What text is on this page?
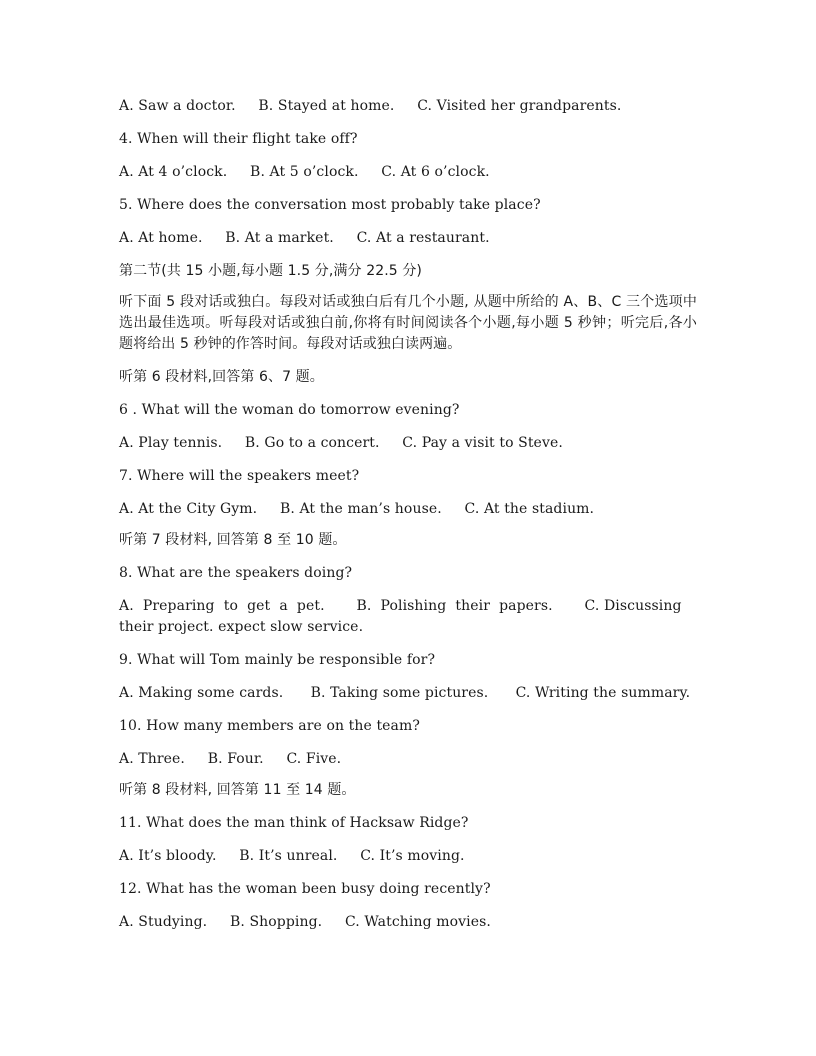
A. Saw a doctor.     B. Stayed at home.     C. Visited her grandparents.

4. When will their flight take off?

A. At 4 o’clock.     B. At 5 o’clock.     C. At 6 o’clock.

5. Where does the conversation most probably take place?

A. At home.     B. At a market.     C. At a restaurant.

第二节(共 15 小题,每小题 1.5 分,满分 22.5 分)

听下面 5 段对话或独白。每段对话或独白后有几个小题, 从题中所给的 A、B、C 三个选项中选出最佳选项。听每段对话或独白前,你将有时间阅读各个小题,每小题 5 秒钟；听完后,各小题将给出 5 秒钟的作答时间。每段对话或独白读两遍。

听第 6 段材料,回答第 6、7 题。

6 . What will the woman do tomorrow evening?

A. Play tennis.     B. Go to a concert.     C. Pay a visit to Steve.

7. Where will the speakers meet?

A. At the City Gym.     B. At the man’s house.     C. At the stadium.

听第 7 段材料, 回答第 8 至 10 题。

8. What are the speakers doing?

A.  Preparing  to  get  a  pet.       B.  Polishing  their  papers.       C. Discussing their project. expect slow service.

9. What will Tom mainly be responsible for?

A. Making some cards.      B. Taking some pictures.      C. Writing the summary.

10. How many members are on the team?

A. Three.     B. Four.     C. Five.

听第 8 段材料, 回答第 11 至 14 题。

11. What does the man think of Hacksaw Ridge?

A. It’s bloody.     B. It’s unreal.     C. It’s moving.

12. What has the woman been busy doing recently?

A. Studying.     B. Shopping.     C. Watching movies.
